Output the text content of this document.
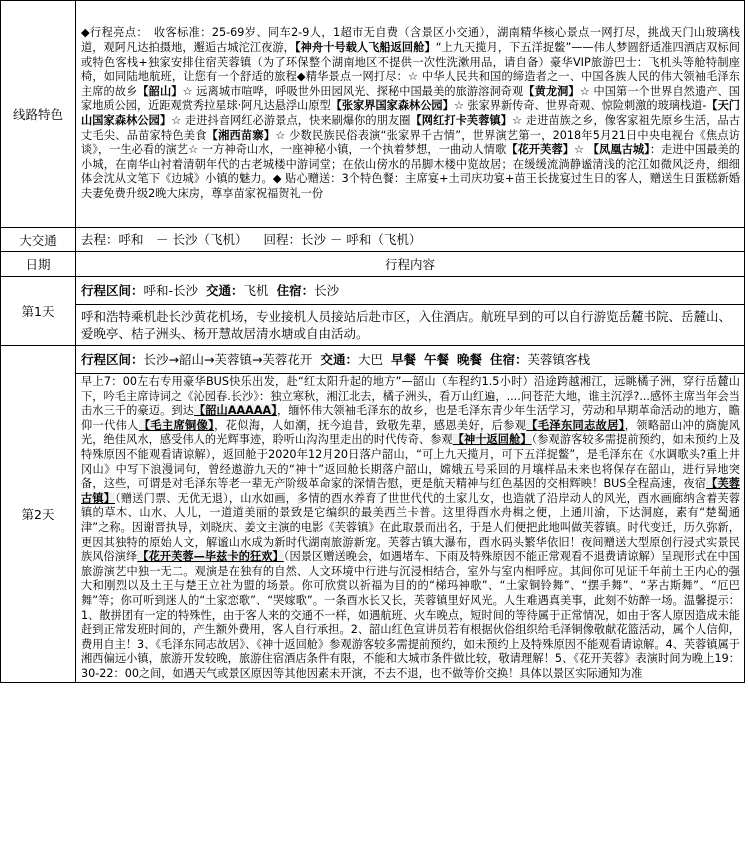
线路特色	◆行程亮点：　收客标准：25-69岁、同车2-9人，1超市无自费（含景区小交通），湖南精华核心景点一网打尽，挑战天门山玻璃栈道，观阿凡达拍摄地，邂逅古城沱江夜游，【神舟十号载人飞船返回舱】“上九天揽月，下五洋捉鳖”——伟人梦圆舒适准四酒店双标间或特色客栈+独家安排住宿芙蓉镇（为了环保整个湖南地区不提供一次性洗漱用品，请自备）豪华VIP旅游巴士：飞机头等舱特制座椅，如同陆地航班，让您有一个舒适的旅程◆精华景点一网打尽：☆ 中华人民共和国的缔造者之一、中国各族人民的伟大领袖毛泽东主席的故乡【韶山】☆ 远离城市喧哗，呼吸世外田园风光、探秘中国最美的旅游溶洞奇观【黄龙洞】☆ 中国第一个世界自然遗产、国家地质公园，近距观赏秀拉星球·阿凡达悬浮山原型【张家界国家森林公园】☆ 张家界新传奇、世界奇观、惊险刺激的玻璃栈道-【天门山国家森林公园】☆ 走进抖音网红必游景点，快来刷爆你的朋友圈【网红打卡芙蓉镇】☆ 走进苗族之乡，像客家祖先原乡生活，品古丈毛尖、品苗家特色美食【湘西苗寨】☆ 少数民族民俗表演“张家界千古情”，世界演艺第一，2018年5月21日中央电视台《焦点访谈》，一生必看的演艺☆ 一方神奇山水，一座神秘小镇，一个执着梦想，一曲动人情歌【花开芙蓉】☆ 【凤凰古城】：走进中国最美的小城，在南华山衬着清朝年代的古老城楼中游词堂；在依山傍水的吊脚木楼中览故居；在缓缓流淌静谧清浅的沱江如微风泛舟，细细体会沈从文笔下《边城》小镇的魅力。◆ 贴心赠送：3个特色餐：主席宴+土司庆功宴+苗王长拢宴过生日的客人，赠送生日蛋糕新婚夫妻免费升级2晚大床房，尊享苗家祝福贺礼一份
大交通	去程：呼和　－ 长沙（飞机） 回程：长沙 － 呼和（飞机）
日期	行程内容
第1天	行程区间：呼和-长沙 交通：飞机 住宿：长沙
	呼和浩特乘机赴长沙黄花机场，专业接机人员接站后赴市区，入住酒店。航班早到的可以自行游览岳麓书院、岳麓山、爱晚亭、桔子洲头、杨开慧故居清水塘或自由活动。
第2天	行程区间：长沙→韶山→芙蓉镇→芙蓉花开 交通：大巴 早餐 午餐 晚餐 住宿：芙蓉镇客栈
	早上7：00左右专用豪华BUS快乐出发，赴“红太阳升起的地方”—韶山（车程约1.5小时）沿途跨越湘江，远眺橘子洲，穿行岳麓山下，吟毛主席诗词之《沁园春.长沙》：独立寒秋，湘江北去，橘子洲头，看万山红遍，....问苍茫大地，谁主沉浮?...感怀主席当年会当击水三千的豪迈。到达【韶山AAAAA】，缅怀伟大领袖毛泽东的故乡，也是毛泽东青少年生活学习，劳动和早期革命活动的地方，瞻仰一代伟人【毛主席铜像】，花似海，人如潮，抚今追昔，致敬先辈，感恩美好，后参观【毛泽东同志故居】，领略韶山冲的旖旎风光，绝佳风水，感受伟人的光辉事迹，聆听山沟沟里走出的时代传奇、参观【神十返回舱】（参观游客较多需提前预约，如未预约上及特殊原因不能观看请谅解），返回舱于2020年12月20日落户韶山，“可上九天揽月，可下五洋捉鳖”，是毛泽东在《水调歌头?重上井冈山》中写下浪漫词句，曾经遨游九天的“神十”返回舱长期落户韶山，嫦娥五号采回的月壤样品未来也将保存在韶山，进行异地突备，这些，可谓是对毛泽东等老一辈无产阶级革命家的深情告慰，更是航天精神与红色基因的交相辉映！BUS全程高速，夜宿【芙蓉古镇】（赠送门票、无优无退），山水如画，多情的酉水养育了世世代代的土家儿女，也造就了沿岸动人的风光，酉水画廊纳含着芙蓉镇的草木、山水、人儿，一道道美丽的景致是它编织的最美西兰卡普。这里得酉水舟楫之便，上通川渝，下达洞庭，素有“楚蜀通津”之称。因谢晋执导，刘晓庆、姜文主演的电影《芙蓉镇》在此取景而出名，于是人们便把此地叫做芙蓉镇。时代变迁，历久弥新，更因其独特的原始人文，解谧山水成为新时代湖南旅游新宠。芙蓉古镇大瀑布，酉水码头繁华依旧！夜间赠送大型原创行浸式实景民族风俗演绎【花开芙蓉—毕兹卡的狂欢】（因景区赠送晚会，如遇堵车、下雨及特殊原因不能正常观看不退费请谅解）呈现形式在中国旅游演艺中独一无二。观演是在独有的自然、人文环境中行进与沉浸相结合，室外与室内相呼应。其间你可见证千年前土王内心的强大和刚烈以及土王与楚王立社为盟的场景。你可欣赏以祈福为目的的“梯玛神歌”、“土家铜铃舞”、“摆手舞”、“茅古斯舞”、“厄巴舞”等；你可听到迷人的“土家恋歌”、“哭嫁歌”。一条酉水长又长，芙蓉镇里好风光。人生难遇真美事，此刻不妨醉一场。温馨提示：1、散拼团有一定的特殊性，由于客人来的交通不一样，如遇航班、火车晚点，短时间的等待属于正常情况，如由于客人原因造成未能赶到正常发班时间的，产生额外费用，客人自行承担。2、韶山红色宣讲员若有根据伙俗组织给毛泽铜像敬献花篮活动，属个人信仰，费用自主！3、《毛泽东同志故居》、《神十返回舱》参观游客较多需提前预约，如未预约上及特殊原因不能观看请谅解。4、芙蓉镇属于湘西偏远小镇，旅游开发较晚，旅游住宿酒店条件有限，不能和大城市条件做比较，敬请理解！5、《花开芙蓉》表演时间为晚上19：30-22：00之间，如遇天气或景区原因等其他因素未开演，不去不退，也不做等价交换！具体以景区实际通知为准
